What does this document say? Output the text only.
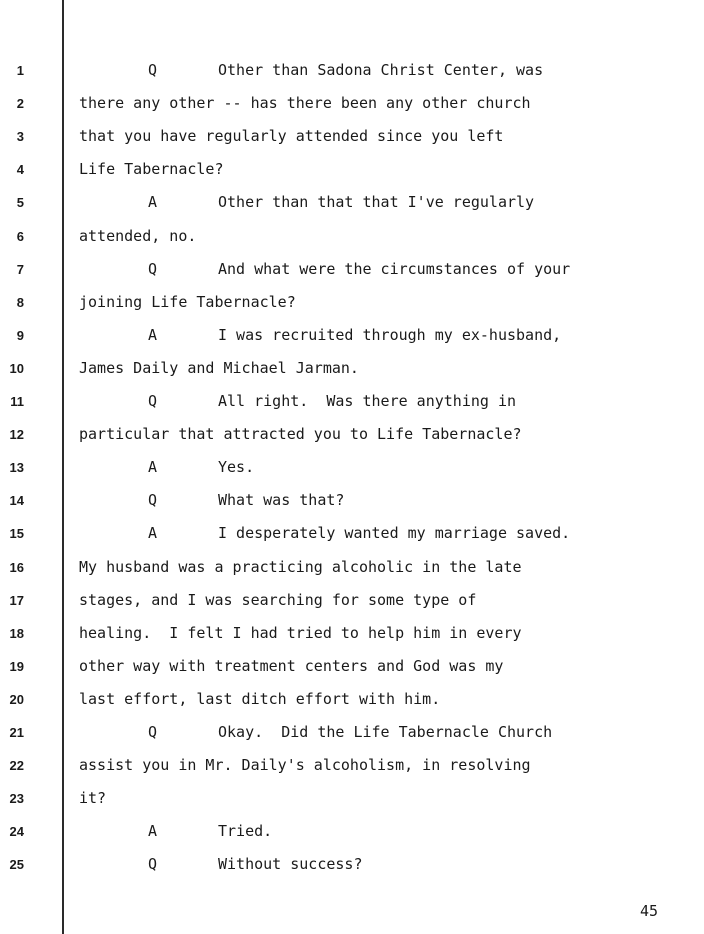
1	Q	Other than Sadona Christ Center, was
2	there any other -- has there been any other church
3	that you have regularly attended since you left
4	Life Tabernacle?
5	A	Other than that that I've regularly
6	attended, no.
7	Q	And what were the circumstances of your
8	joining Life Tabernacle?
9	A	I was recruited through my ex-husband,
10	James Daily and Michael Jarman.
11	Q	All right.  Was there anything in
12	particular that attracted you to Life Tabernacle?
13	A	Yes.
14	Q	What was that?
15	A	I desperately wanted my marriage saved.
16	My husband was a practicing alcoholic in the late
17	stages, and I was searching for some type of
18	healing.  I felt I had tried to help him in every
19	other way with treatment centers and God was my
20	last effort, last ditch effort with him.
21	Q	Okay.  Did the Life Tabernacle Church
22	assist you in Mr. Daily's alcoholism, in resolving
23	it?
24	A	Tried.
25	Q	Without success?
45
